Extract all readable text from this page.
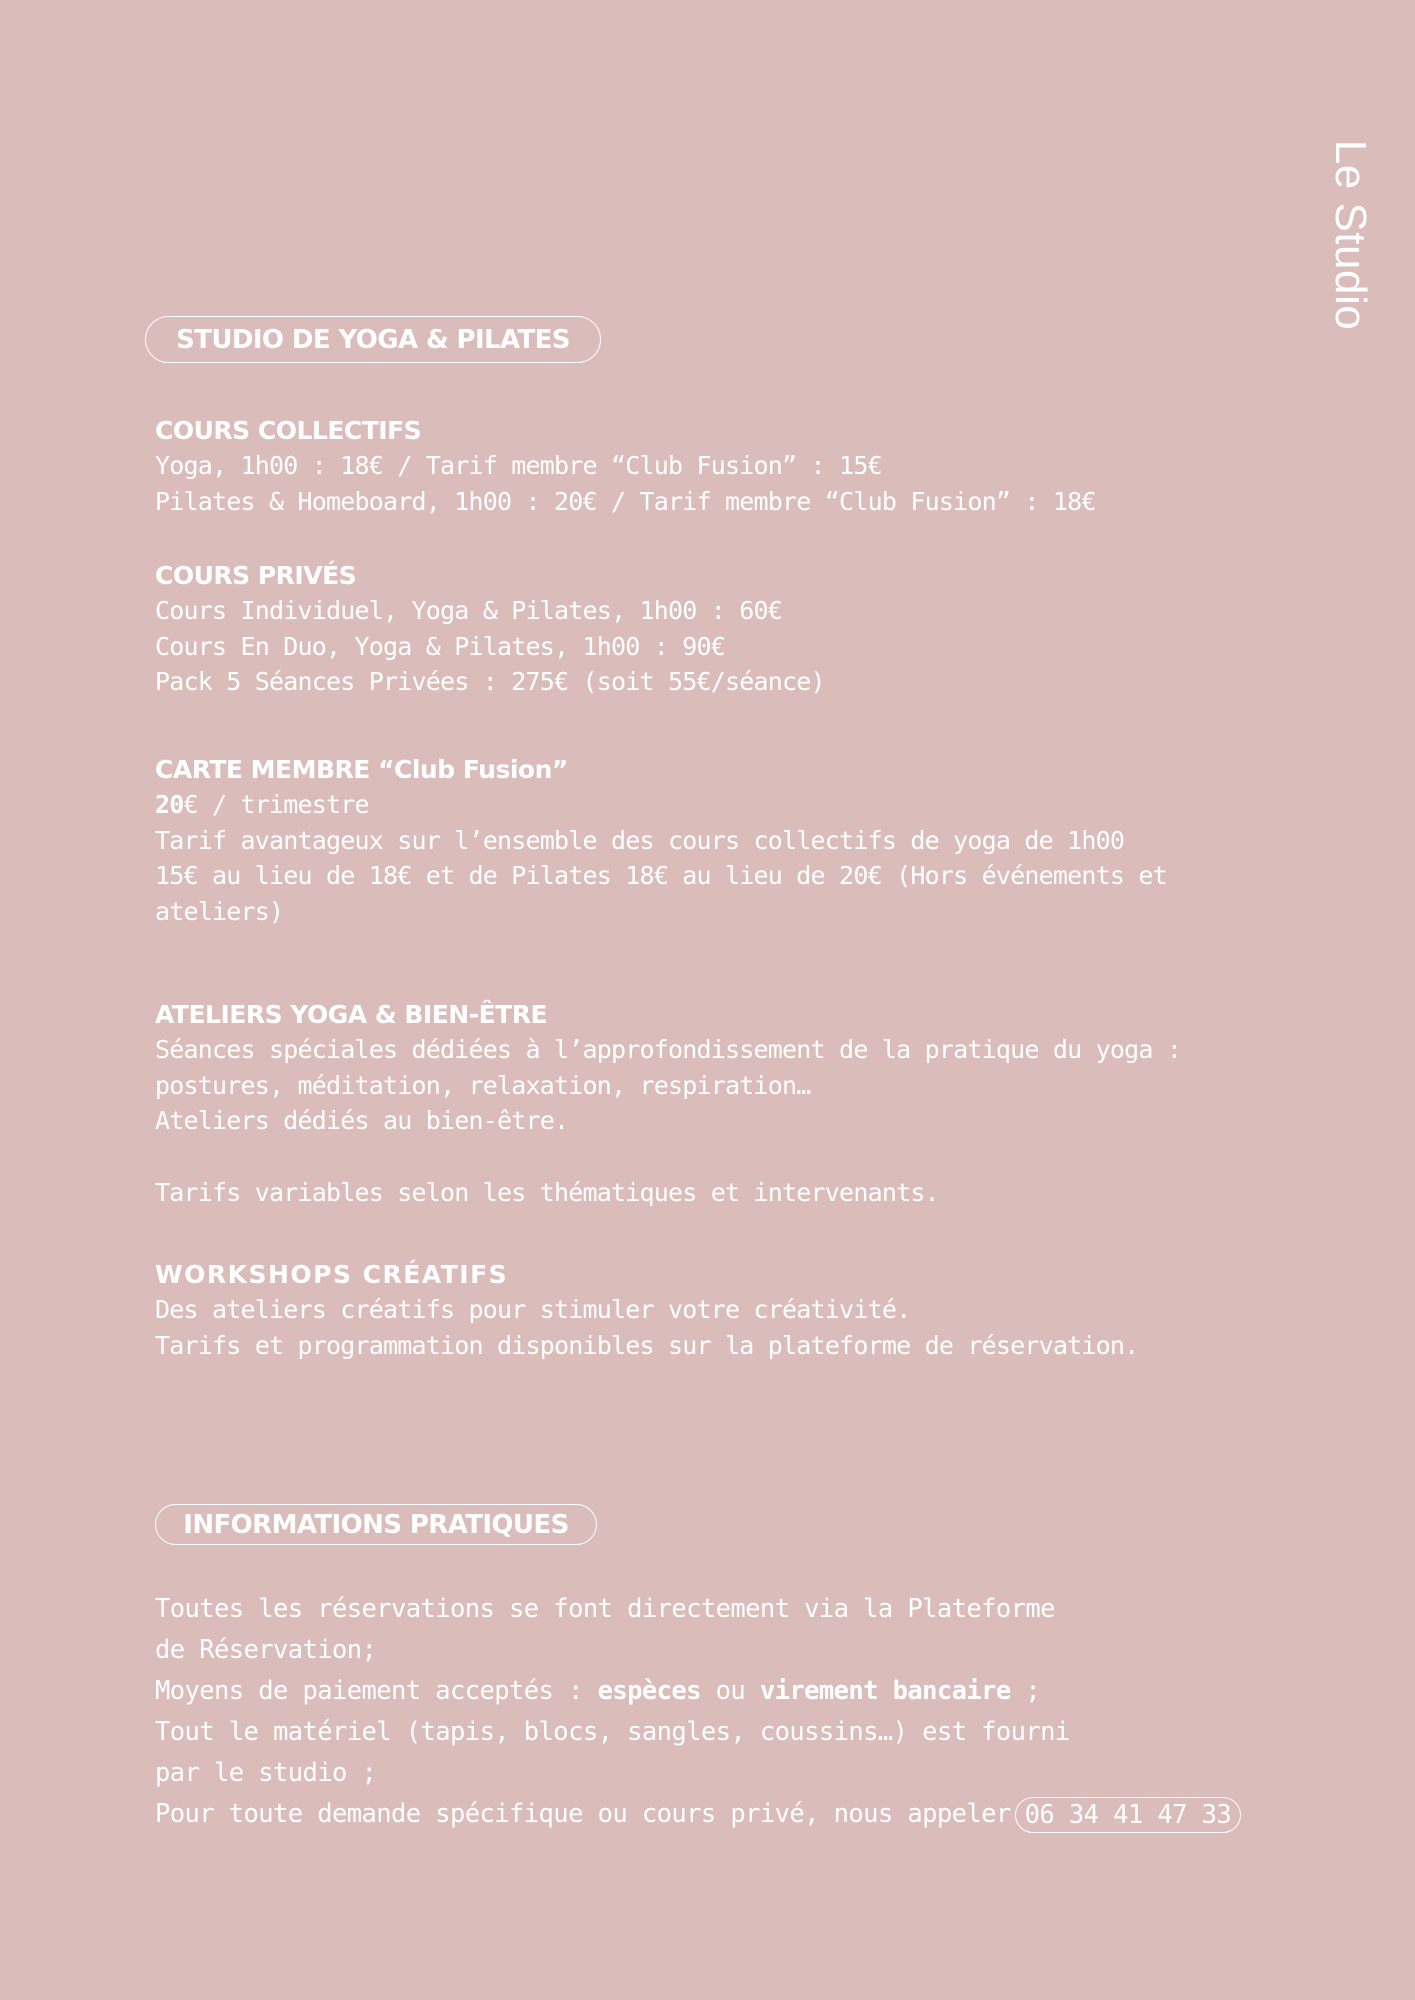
Le Studio
STUDIO DE YOGA & PILATES
COURS COLLECTIFS
Yoga, 1h00 : 18€ / Tarif membre “Club Fusion” : 15€
Pilates & Homeboard, 1h00 : 20€ / Tarif membre “Club Fusion” : 18€
COURS PRIVÉS
Cours Individuel, Yoga & Pilates, 1h00 : 60€
Cours En Duo, Yoga & Pilates, 1h00 : 90€
Pack 5 Séances Privées : 275€ (soit 55€/séance)
CARTE MEMBRE “Club Fusion”
20€ / trimestre
Tarif avantageux sur l’ensemble des cours collectifs de yoga de 1h00
15€ au lieu de 18€ et de Pilates 18€ au lieu de 20€ (Hors événements et
ateliers)
ATELIERS YOGA & BIEN-ÊTRE
Séances spéciales dédiées à l’approfondissement de la pratique du yoga :
postures, méditation, relaxation, respiration…
Ateliers dédiés au bien-être.
Tarifs variables selon les thématiques et intervenants.
WORKSHOPS CRÉATIFS
Des ateliers créatifs pour stimuler votre créativité.
Tarifs et programmation disponibles sur la plateforme de réservation.
INFORMATIONS PRATIQUES
Toutes les réservations se font directement via la Plateforme
de Réservation;
Moyens de paiement acceptés : espèces ou virement bancaire ;
Tout le matériel (tapis, blocs, sangles, coussins…) est fourni
par le studio ;
Pour toute demande spécifique ou cours privé, nous appeler 06 34 41 47 33
